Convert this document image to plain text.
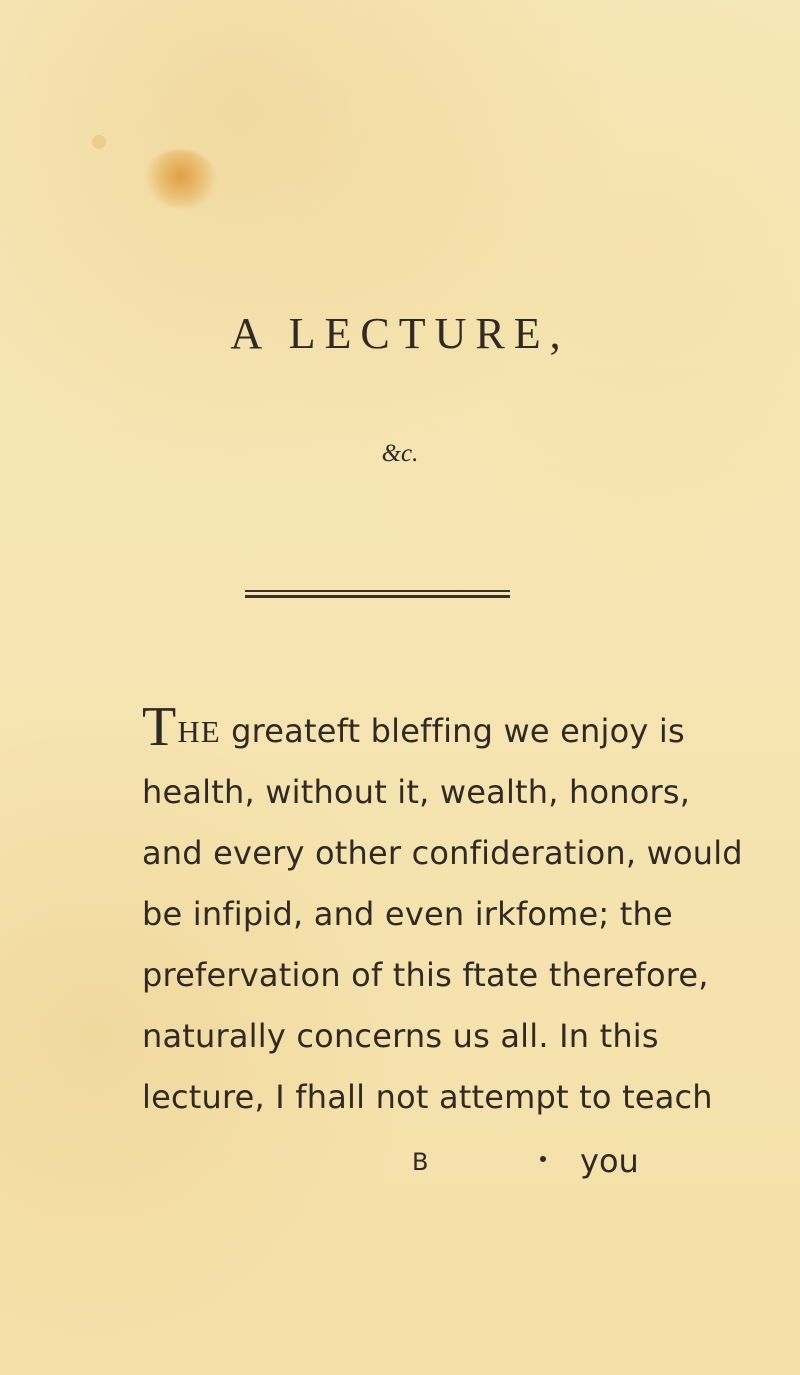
A LECTURE,
&c.
THE greateft bleffing we enjoy is
health, without it, wealth, honors,
and every other confideration, would
be infipid, and even irkfome; the
prefervation of this ftate therefore,
naturally concerns us all. In this
lecture, I fhall not attempt to teach
B	you
